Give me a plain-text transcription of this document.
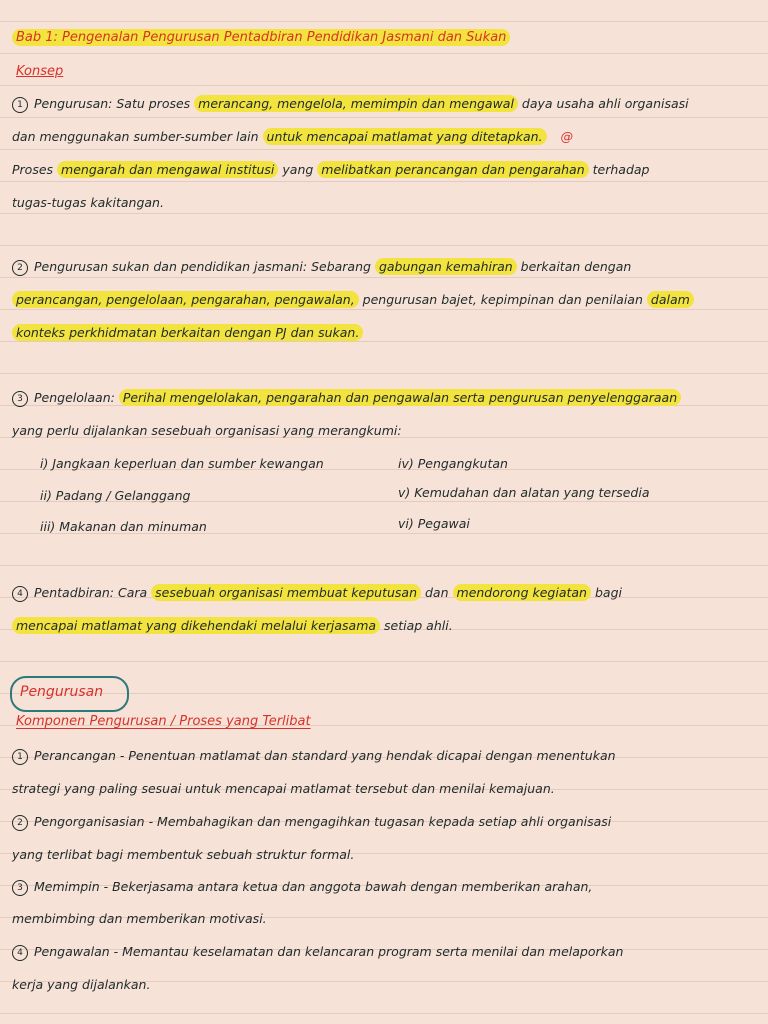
Bab 1: Pengenalan Pengurusan Pentadbiran Pendidikan Jasmani dan Sukan
Konsep
1 Pengurusan: Satu proses merancang, mengelola, memimpin dan mengawal daya usaha ahli organisasi
dan menggunakan sumber-sumber lain untuk mencapai matlamat yang ditetapkan. @
Proses mengarah dan mengawal institusi yang melibatkan perancangan dan pengarahan terhadap
tugas-tugas kakitangan.
2 Pengurusan sukan dan pendidikan jasmani: Sebarang gabungan kemahiran berkaitan dengan
perancangan, pengelolaan, pengarahan, pengawalan, pengurusan bajet, kepimpinan dan penilaian dalam
konteks perkhidmatan berkaitan dengan PJ dan sukan.
3 Pengelolaan: Perihal mengelolakan, pengarahan dan pengawalan serta pengurusan penyelenggaraan
yang perlu dijalankan sesebuah organisasi yang merangkumi:
i) Jangkaan keperluan dan sumber kewangan
ii) Padang / Gelanggang
iii) Makanan dan minuman
iv) Pengangkutan
v) Kemudahan dan alatan yang tersedia
vi) Pegawai
4 Pentadbiran: Cara sesebuah organisasi membuat keputusan dan mendorong kegiatan bagi
mencapai matlamat yang dikehendaki melalui kerjasama setiap ahli.
Pengurusan
Komponen Pengurusan / Proses yang Terlibat
1 Perancangan - Penentuan matlamat dan standard yang hendak dicapai dengan menentukan
strategi yang paling sesuai untuk mencapai matlamat tersebut dan menilai kemajuan.
2 Pengorganisasian - Membahagikan dan mengagihkan tugasan kepada setiap ahli organisasi
yang terlibat bagi membentuk sebuah struktur formal.
3 Memimpin - Bekerjasama antara ketua dan anggota bawah dengan memberikan arahan,
membimbing dan memberikan motivasi.
4 Pengawalan - Memantau keselamatan dan kelancaran program serta menilai dan melaporkan
kerja yang dijalankan.
